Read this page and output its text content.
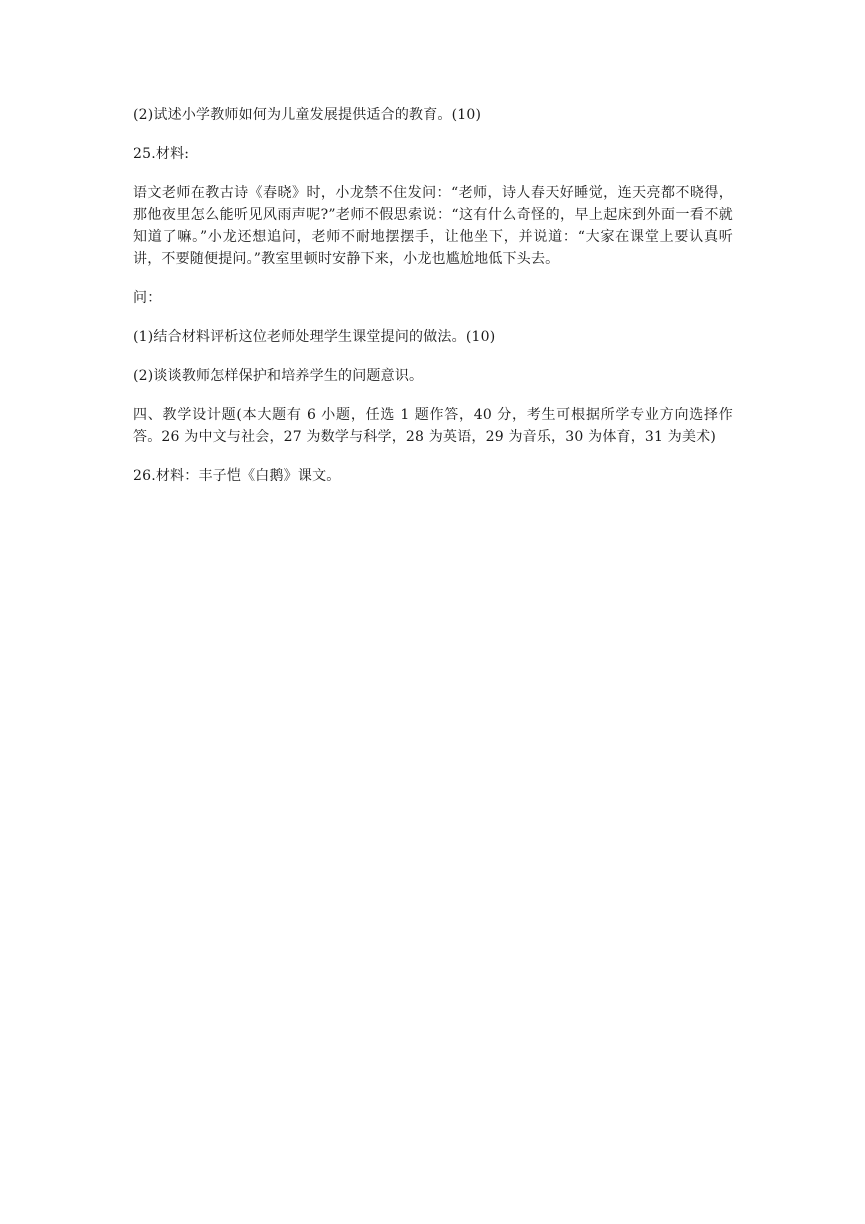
(2)试述小学教师如何为儿童发展提供适合的教育。(10)

25.材料:

语文老师在教古诗《春晓》时，小龙禁不住发问：“老师，诗人春天好睡觉，连天亮都不晓得，那他夜里怎么能听见风雨声呢?”老师不假思索说：“这有什么奇怪的，早上起床到外面一看不就知道了嘛。”小龙还想追问，老师不耐地摆摆手，让他坐下，并说道：“大家在课堂上要认真听讲，不要随便提问。”教室里顿时安静下来，小龙也尴尬地低下头去。

问：

(1)结合材料评析这位老师处理学生课堂提问的做法。(10)

(2)谈谈教师怎样保护和培养学生的问题意识。

四、教学设计题(本大题有 6 小题，任选 1 题作答，40 分，考生可根据所学专业方向选择作答。26 为中文与社会，27 为数学与科学，28 为英语，29 为音乐，30 为体育，31 为美术)

26.材料：丰子恺《白鹅》课文。
